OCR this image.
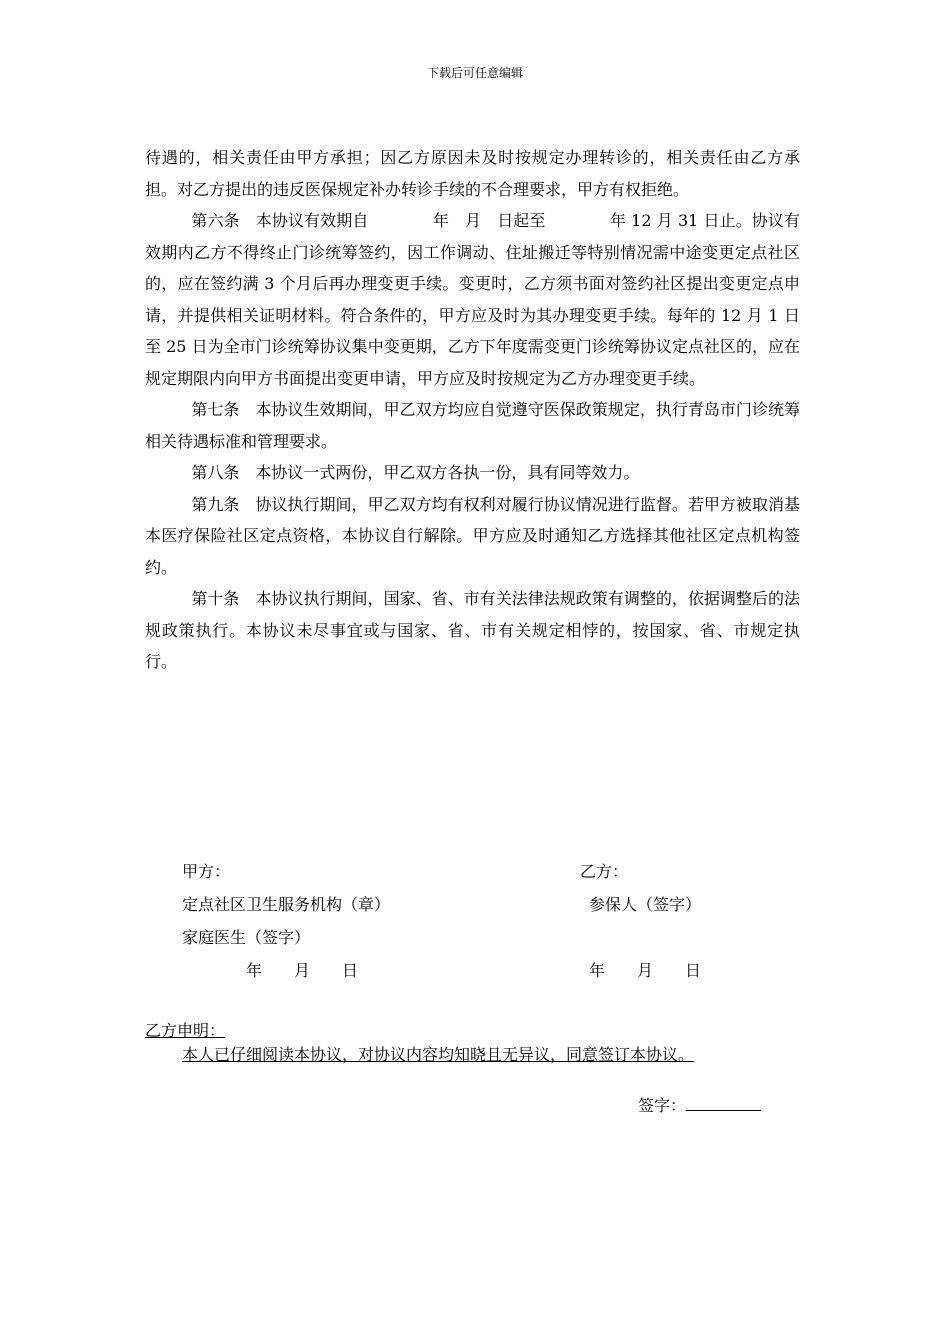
下载后可任意编辑

待遇的，相关责任由甲方承担；因乙方原因未及时按规定办理转诊的，相关责任由乙方承担。对乙方提出的违反医保规定补办转诊手续的不合理要求，甲方有权拒绝。

第六条　本协议有效期自　　　　年　月　日起至　　　　年 12 月 31 日止。协议有效期内乙方不得终止门诊统筹签约，因工作调动、住址搬迁等特别情况需中途变更定点社区的，应在签约满 3 个月后再办理变更手续。变更时，乙方须书面对签约社区提出变更定点申请，并提供相关证明材料。符合条件的，甲方应及时为其办理变更手续。每年的 12 月 1 日至 25 日为全市门诊统筹协议集中变更期，乙方下年度需变更门诊统筹协议定点社区的，应在规定期限内向甲方书面提出变更申请，甲方应及时按规定为乙方办理变更手续。

第七条　本协议生效期间，甲乙双方均应自觉遵守医保政策规定，执行青岛市门诊统筹相关待遇标准和管理要求。

第八条　本协议一式两份，甲乙双方各执一份，具有同等效力。

第九条　协议执行期间，甲乙双方均有权利对履行协议情况进行监督。若甲方被取消基本医疗保险社区定点资格，本协议自行解除。甲方应及时通知乙方选择其他社区定点机构签约。

第十条　本协议执行期间，国家、省、市有关法律法规政策有调整的，依据调整后的法规政策执行。本协议未尽事宜或与国家、省、市有关规定相悖的，按国家、省、市规定执行。

甲方：
定点社区卫生服务机构（章）
家庭医生（签字）
年　　月　　日
乙方：
参保人（签字）
年　　月　　日
乙方申明：
本人已仔细阅读本协议，对协议内容均知晓且无异议，同意签订本协议。
签字：
